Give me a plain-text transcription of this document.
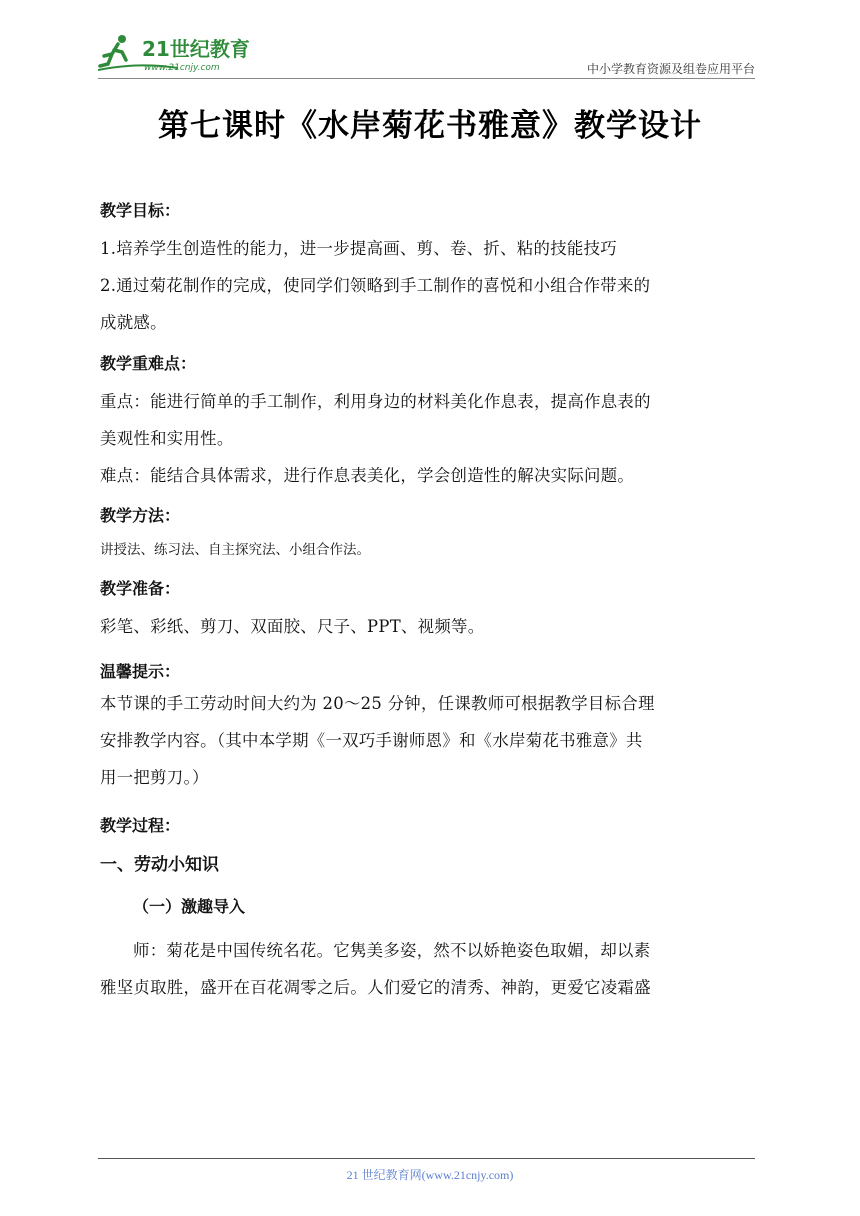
21世纪教育
www.21cnjy.com	中小学教育资源及组卷应用平台
第七课时《水岸菊花书雅意》教学设计

教学目标：

1.培养学生创造性的能力，进一步提高画、剪、卷、折、粘的技能技巧

2.通过菊花制作的完成，使同学们领略到手工制作的喜悦和小组合作带来的

成就感。

教学重难点：

重点：能进行简单的手工制作，利用身边的材料美化作息表，提高作息表的

美观性和实用性。

难点：能结合具体需求，进行作息表美化，学会创造性的解决实际问题。

教学方法：

讲授法、练习法、自主探究法、小组合作法。

教学准备：

彩笔、彩纸、剪刀、双面胶、尺子、PPT、视频等。

温馨提示：

本节课的手工劳动时间大约为 20～25 分钟，任课教师可根据教学目标合理

安排教学内容。（其中本学期《一双巧手谢师恩》和《水岸菊花书雅意》共

用一把剪刀。）

教学过程：

一、劳动小知识

（一）激趣导入

师：菊花是中国传统名花。它隽美多姿，然不以娇艳姿色取媚，却以素

雅坚贞取胜，盛开在百花凋零之后。人们爱它的清秀、神韵，更爱它凌霜盛

21 世纪教育网(www.21cnjy.com)
